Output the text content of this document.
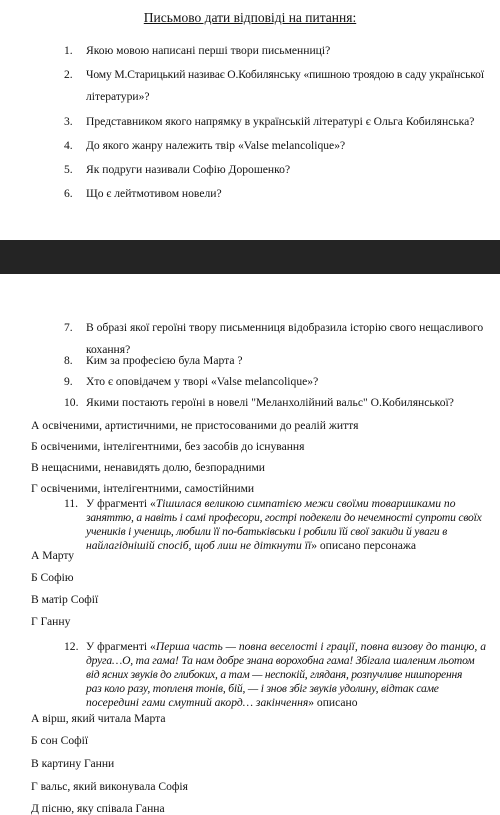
Письмово дати відповіді на питання:
1. Якою мовою написані перші твори письменниці?
2. Чому М.Старицький називає О.Кобилянську «пишною троядою в саду української
літератури»?
3. Представником якого напрямку в українській літературі є Ольга Кобилянська?
4. До якого жанру належить твір «Valse melancolique»?
5. Як подруги називали Софію Дорошенко?
6. Що є лейтмотивом новели?
7. В образі якої героїні твору письменниця відобразила історію свого нещасливого
кохання?
8. Ким за професією була Марта ?
9. Хто є оповідачем у творі «Valse melancolique»?
10. Якими постають героїні в новелі "Меланхолійний вальс" О.Кобилянської?
А освіченими, артистичними, не пристосованими до реалій життя
Б освіченими, інтелігентними, без засобів до існування
В нещасними, ненавидять долю, безпорадними
Г освіченими, інтелігентними, самостійними
11. У фрагменті «Тішилася великою симпатією межи своїми товаришками по
заняттю, а навіть і самі професори, гострі подекели до нечемності супроти своїх
учеників і учениць, любили її по-батьківськи і робили їй свої закиди й уваги в
найлагіднішій спосіб, щоб лиш не діткнути її» описано персонажа
А Марту
Б Софію
В матір Софії
Г Ганну
12. У фрагменті «Перша часть — повна веселості і грації, повна визову до танцю, а
друга…О, та гама! Та нам добре знана ворохобна гама! Збігала шаленим льотом
від ясних звуків до глибоких, а там — неспокій, гляданя, розпучливе нишпорення
раз коло разу, топленя тонів, бій, — і знов збіг звуків удолину, відтак саме
посередині гами смутний акорд… закінчення» описано
А вірш, який читала Марта
Б сон Софії
В картину Ганни
Г вальс, який виконувала Софія
Д пісню, яку співала Ганна
